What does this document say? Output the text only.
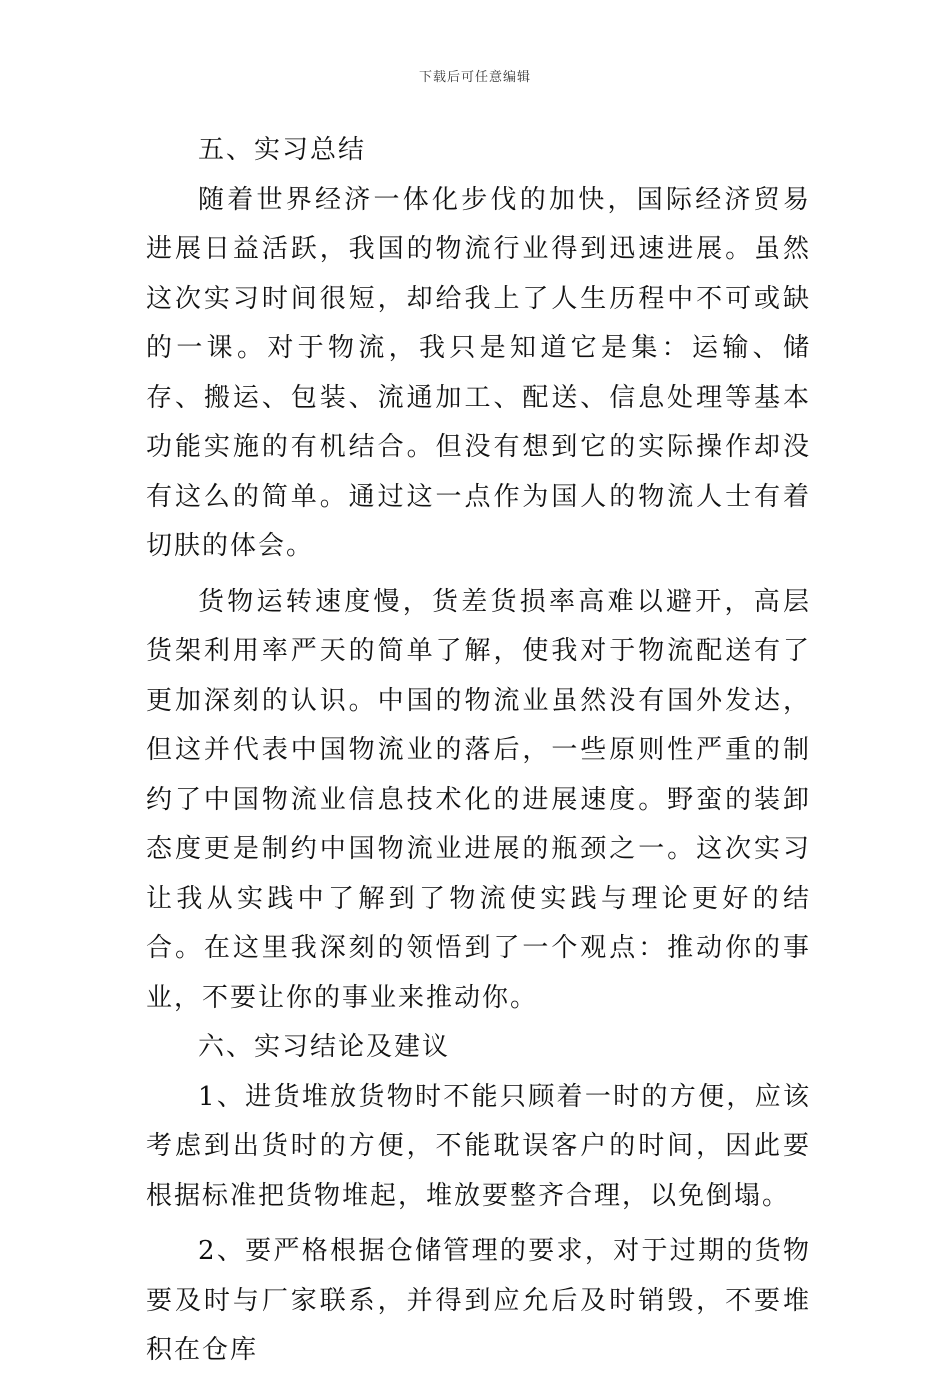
下载后可任意编辑

五、实习总结

随着世界经济一体化步伐的加快，国际经济贸易进展日益活跃，我国的物流行业得到迅速进展。虽然这次实习时间很短，却给我上了人生历程中不可或缺的一课。对于物流，我只是知道它是集：运输、储存、搬运、包装、流通加工、配送、信息处理等基本功能实施的有机结合。但没有想到它的实际操作却没有这么的简单。通过这一点作为国人的物流人士有着切肤的体会。

货物运转速度慢，货差货损率高难以避开，高层货架利用率严天的简单了解，使我对于物流配送有了更加深刻的认识。中国的物流业虽然没有国外发达，但这并代表中国物流业的落后，一些原则性严重的制约了中国物流业信息技术化的进展速度。野蛮的装卸态度更是制约中国物流业进展的瓶颈之一。这次实习让我从实践中了解到了物流使实践与理论更好的结合。在这里我深刻的领悟到了一个观点：推动你的事业，不要让你的事业来推动你。

六、实习结论及建议

1、进货堆放货物时不能只顾着一时的方便，应该考虑到出货时的方便，不能耽误客户的时间，因此要根据标准把货物堆起，堆放要整齐合理，以免倒塌。

2、要严格根据仓储管理的要求，对于过期的货物要及时与厂家联系，并得到应允后及时销毁，不要堆积在仓库
